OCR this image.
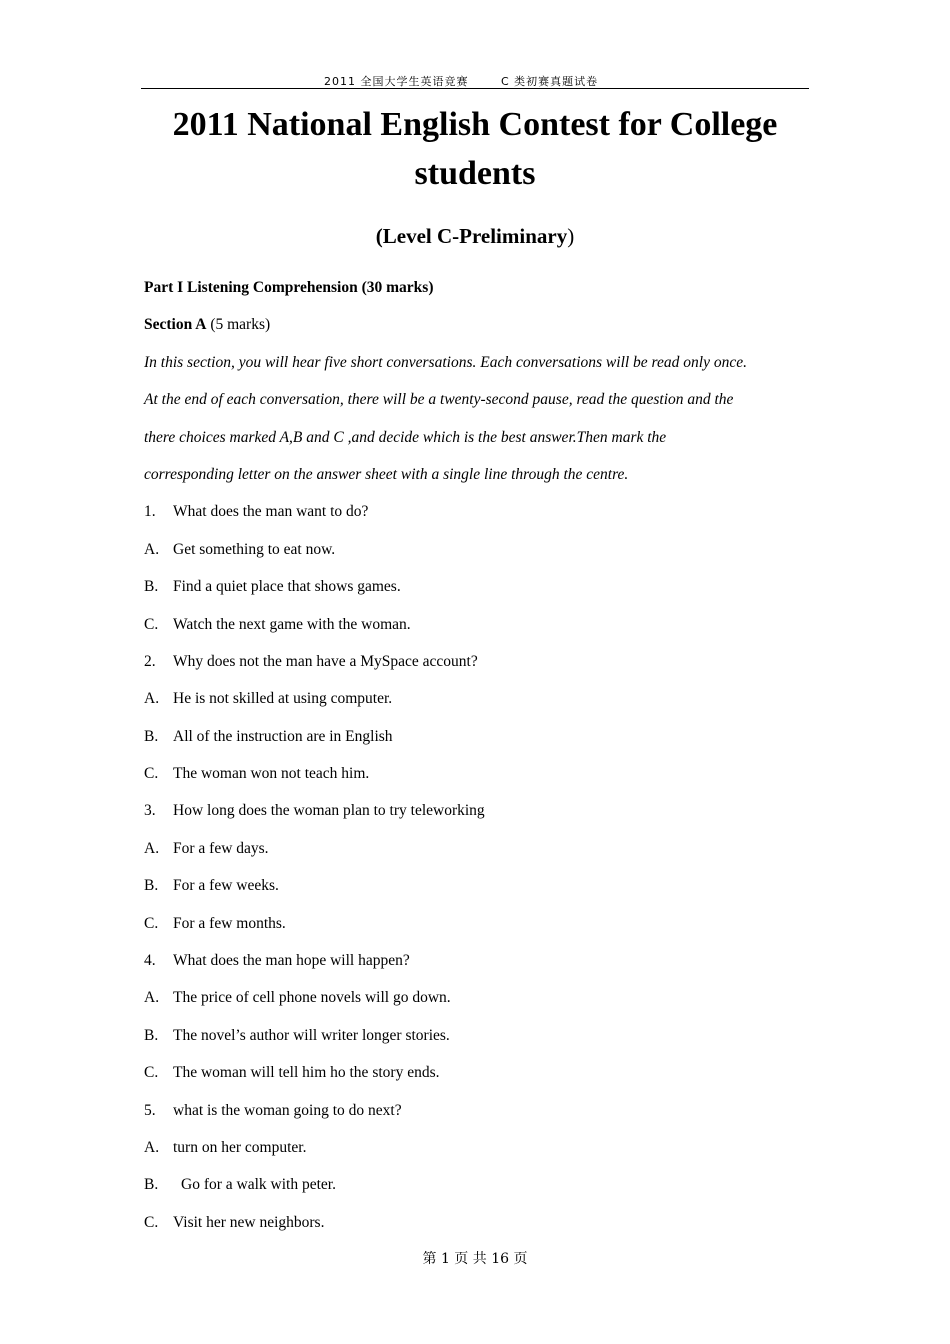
2011 全国大学生英语竞赛	C 类初赛真题试卷
2011 National English Contest for College students
(Level C-Preliminary)
Part I Listening Comprehension (30 marks)
Section A (5 marks)
In this section, you will hear five short conversations. Each conversations will be read only once.
At the end of each conversation, there will be a twenty-second pause, read the question and the
there choices marked A,B and C ,and decide which is the best answer.Then mark the
corresponding letter on the answer sheet with a single line through the centre.
1. What does the man want to do?
A. Get something to eat now.
B. Find a quiet place that shows games.
C. Watch the next game with the woman.
2. Why does not the man have a MySpace account?
A. He is not skilled at using computer.
B. All of the instruction are in English
C. The woman won not teach him.
3. How long does the woman plan to try teleworking
A. For a few days.
B. For a few weeks.
C. For a few months.
4. What does the man hope will happen?
A. The price of cell phone novels will go down.
B. The novel’s author will writer longer stories.
C. The woman will tell him ho the story ends.
5. what is the woman going to do next?
A. turn on her computer.
B. Go for a walk with peter.
C. Visit her new neighbors.
第 1 页 共 16 页
